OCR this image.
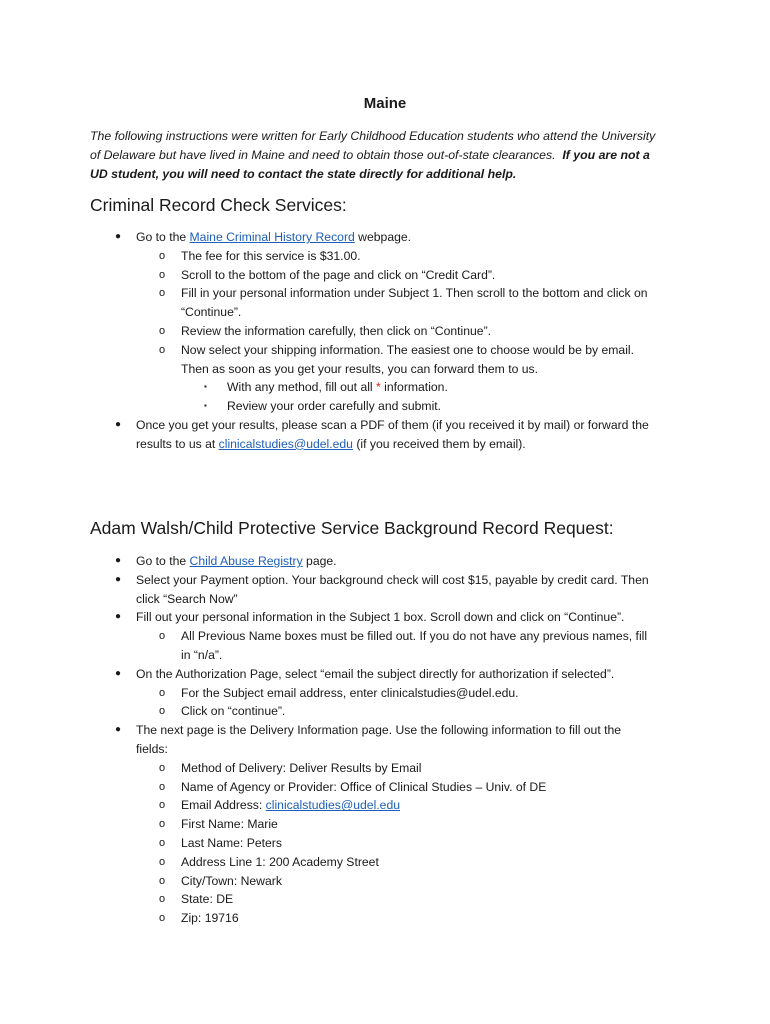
Maine
The following instructions were written for Early Childhood Education students who attend the University
of Delaware but have lived in Maine and need to obtain those out-of-state clearances. If you are not a
UD student, you will need to contact the state directly for additional help.
Criminal Record Check Services:
● Go to the Maine Criminal History Record webpage.
o The fee for this service is $31.00.
o Scroll to the bottom of the page and click on “Credit Card”.
o Fill in your personal information under Subject 1. Then scroll to the bottom and click on
“Continue”.
o Review the information carefully, then click on “Continue”.
o Now select your shipping information. The easiest one to choose would be by email.
Then as soon as you get your results, you can forward them to us.
▪ With any method, fill out all * information.
▪ Review your order carefully and submit.
● Once you get your results, please scan a PDF of them (if you received it by mail) or forward the
results to us at clinicalstudies@udel.edu (if you received them by email).
Adam Walsh/Child Protective Service Background Record Request:
● Go to the Child Abuse Registry page.
● Select your Payment option. Your background check will cost $15, payable by credit card. Then
click “Search Now”
● Fill out your personal information in the Subject 1 box. Scroll down and click on “Continue”.
o All Previous Name boxes must be filled out. If you do not have any previous names, fill
in “n/a”.
● On the Authorization Page, select “email the subject directly for authorization if selected”.
o For the Subject email address, enter clinicalstudies@udel.edu.
o Click on “continue”.
● The next page is the Delivery Information page. Use the following information to fill out the
fields:
o Method of Delivery: Deliver Results by Email
o Name of Agency or Provider: Office of Clinical Studies – Univ. of DE
o Email Address: clinicalstudies@udel.edu
o First Name: Marie
o Last Name: Peters
o Address Line 1: 200 Academy Street
o City/Town: Newark
o State: DE
o Zip: 19716
